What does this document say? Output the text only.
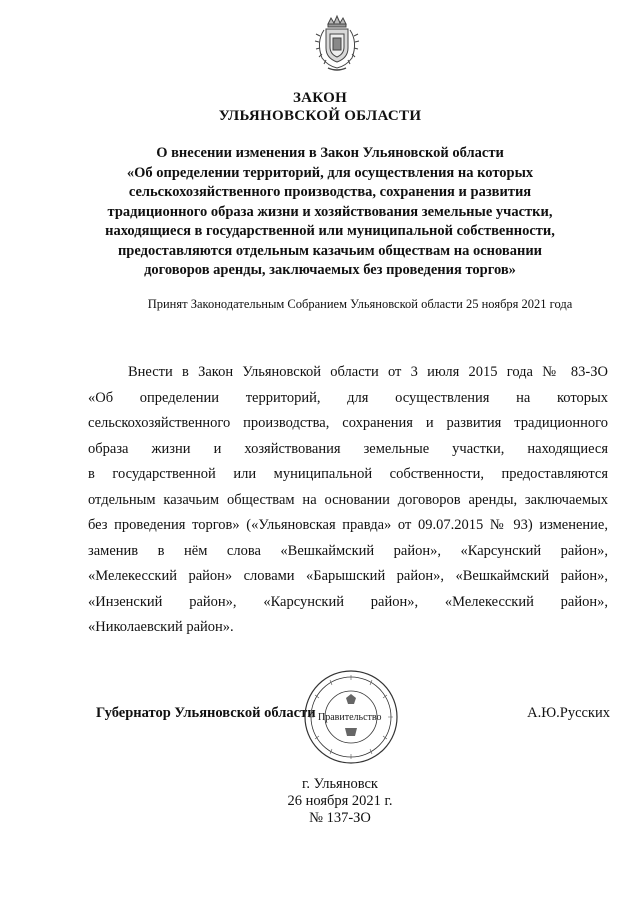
ЗАКОН
УЛЬЯНОВСКОЙ ОБЛАСТИ
О внесении изменения в Закон Ульяновской области
«Об определении территорий, для осуществления на которых
сельскохозяйственного производства, сохранения и развития
традиционного образа жизни и хозяйствования земельные участки,
находящиеся в государственной или муниципальной собственности,
предоставляются отдельным казачьим обществам на основании
договоров аренды, заключаемых без проведения торгов»
Принят Законодательным Собранием Ульяновской области 25 ноября 2021 года
Внести в Закон Ульяновской области от 3 июля 2015 года № 83-ЗО
«Об определении территорий, для осуществления на которых
сельскохозяйственного производства, сохранения и развития традиционного
образа жизни и хозяйствования земельные участки, находящиеся
в государственной или муниципальной собственности, предоставляются
отдельным казачьим обществам на основании договоров аренды, заключаемых
без проведения торгов» («Ульяновская правда» от 09.07.2015 № 93) изменение,
заменив в нём слова «Вешкаймский район», «Карсунский район»,
«Мелекесский район» словами «Барышский район», «Вешкаймский район»,
«Инзенский район», «Карсунский район», «Мелекесский район»,
«Николаевский район».
Губернатор Ульяновской области Правительство	А.Ю.Русских
г. Ульяновск
26 ноября 2021 г.
№ 137-ЗО
